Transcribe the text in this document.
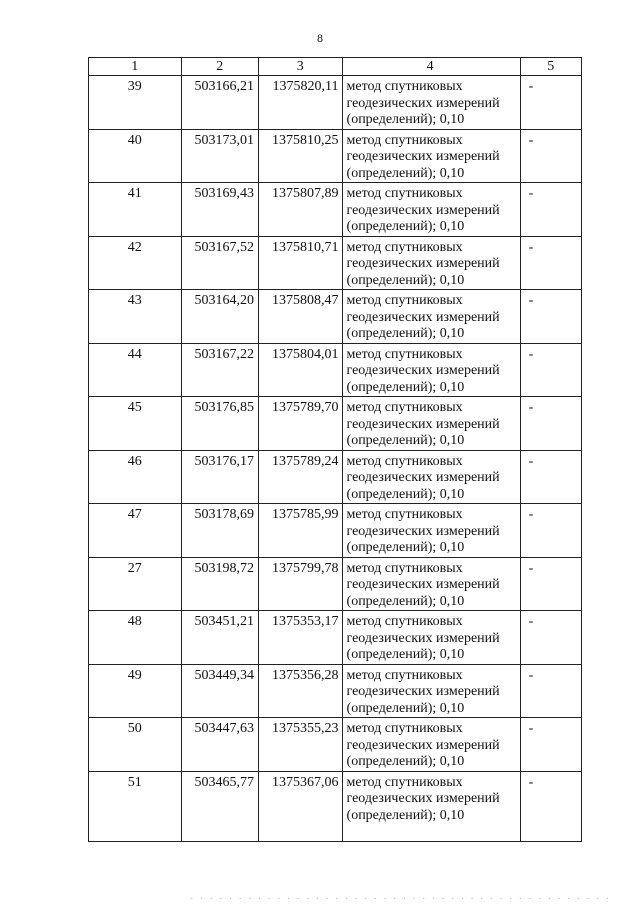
8
1	2	3	4	5
39	503166,21	1375820,11	метод спутниковых геодезических измерений (определений); 0,10	-
40	503173,01	1375810,25	метод спутниковых геодезических измерений (определений); 0,10	-
41	503169,43	1375807,89	метод спутниковых геодезических измерений (определений); 0,10	-
42	503167,52	1375810,71	метод спутниковых геодезических измерений (определений); 0,10	-
43	503164,20	1375808,47	метод спутниковых геодезических измерений (определений); 0,10	-
44	503167,22	1375804,01	метод спутниковых геодезических измерений (определений); 0,10	-
45	503176,85	1375789,70	метод спутниковых геодезических измерений (определений); 0,10	-
46	503176,17	1375789,24	метод спутниковых геодезических измерений (определений); 0,10	-
47	503178,69	1375785,99	метод спутниковых геодезических измерений (определений); 0,10	-
27	503198,72	1375799,78	метод спутниковых геодезических измерений (определений); 0,10	-
48	503451,21	1375353,17	метод спутниковых геодезических измерений (определений); 0,10	-
49	503449,34	1375356,28	метод спутниковых геодезических измерений (определений); 0,10	-
50	503447,63	1375355,23	метод спутниковых геодезических измерений (определений); 0,10	-
51	503465,77	1375367,06	метод спутниковых геодезических измерений (определений); 0,10	-
············································
